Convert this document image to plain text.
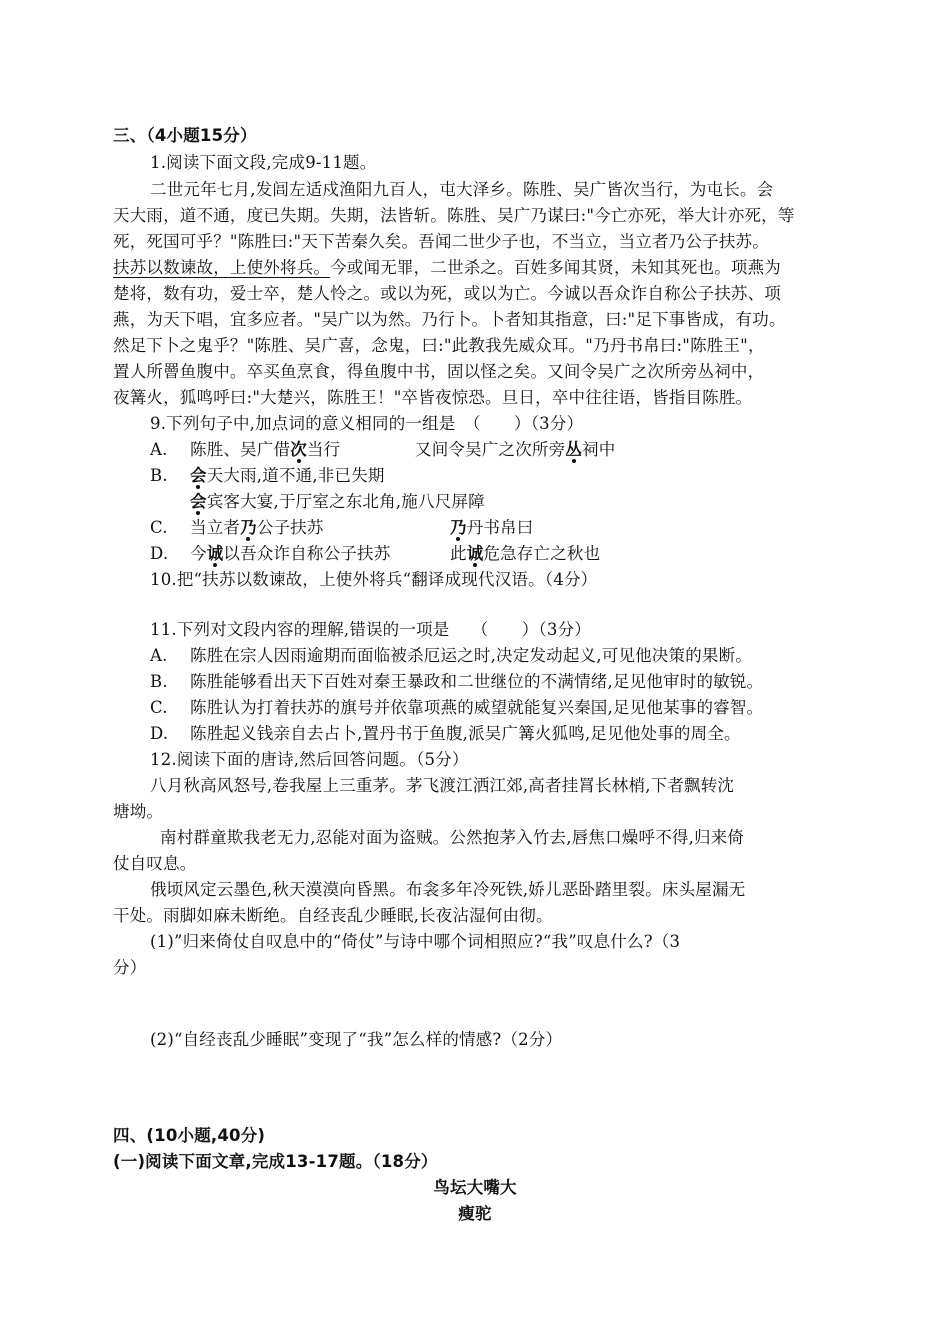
三、（4小题15分）
1.阅读下面文段,完成9-11题。
二世元年七月,发闾左适戍渔阳九百人，屯大泽乡。陈胜、吴广皆次当行，为屯长。会
天大雨，道不通，度已失期。失期，法皆斩。陈胜、吴广乃谋曰:"今亡亦死，举大计亦死，等
死，死国可乎？"陈胜曰:"天下苦秦久矣。吾闻二世少子也，不当立，当立者乃公子扶苏。
扶苏以数谏故，上使外将兵。今或闻无罪，二世杀之。百姓多闻其贤，未知其死也。项燕为
楚将，数有功，爱士卒，楚人怜之。或以为死，或以为亡。今诚以吾众诈自称公子扶苏、项
燕，为天下唱，宜多应者。"吴广以为然。乃行卜。卜者知其指意，曰:"足下事皆成，有功。
然足下卜之鬼乎？"陈胜、吴广喜，念鬼，曰:"此教我先威众耳。"乃丹书帛曰:"陈胜王"，
置人所罾鱼腹中。卒买鱼烹食，得鱼腹中书，固以怪之矣。又间令吴广之次所旁丛祠中，
夜篝火，狐鸣呼曰:"大楚兴，陈胜王！"卒皆夜惊恐。旦日，卒中往往语，皆指目陈胜。
9.下列句子中,加点词的意义相同的一组是　（　　）（3分）
A. 陈胜、吴广借次当行	又间令吴广之次所旁丛祠中
B. 会天大雨,道不通,非已失期
会宾客大宴,于厅室之东北角,施八尺屏障
C. 当立者乃公子扶苏	乃丹书帛曰
D. 今诚以吾众诈自称公子扶苏	此诚危急存亡之秋也
10.把“扶苏以数谏故，上使外将兵“翻译成现代汉语。（4分）
11.下列对文段内容的理解,错误的一项是　 （　　）（3分）
A. 陈胜在宗人因雨逾期而面临被杀厄运之时,决定发动起义,可见他决策的果断。
B. 陈胜能够看出天下百姓对秦王暴政和二世继位的不满情绪,足见他审时的敏锐。
C. 陈胜认为打着扶苏的旗号并依靠项燕的威望就能复兴秦国,足见他某事的睿智。
D. 陈胜起义钱亲自去占卜,置丹书于鱼腹,派吴广篝火狐鸣,足见他处事的周全。
12.阅读下面的唐诗,然后回答问题。（5分）
八月秋高风怒号,卷我屋上三重茅。茅飞渡江洒江郊,高者挂罥长林梢,下者飘转沈
塘坳。
南村群童欺我老无力,忍能对面为盗贼。公然抱茅入竹去,唇焦口燥呼不得,归来倚
仗自叹息。
俄顷风定云墨色,秋天漠漠向昏黑。布衾多年冷死铁,娇儿恶卧踏里裂。床头屋漏无
干处。雨脚如麻未断绝。自经丧乱少睡眠,长夜沾湿何由彻。
(1)”归来倚仗自叹息中的“倚仗”与诗中哪个词相照应?“我”叹息什么?（3
分）
(2)“自经丧乱少睡眠”变现了“我”怎么样的情感?（2分）
四、(10小题,40分)
(一)阅读下面文章,完成13-17题。（18分）
鸟坛大嘴大
瘦驼
